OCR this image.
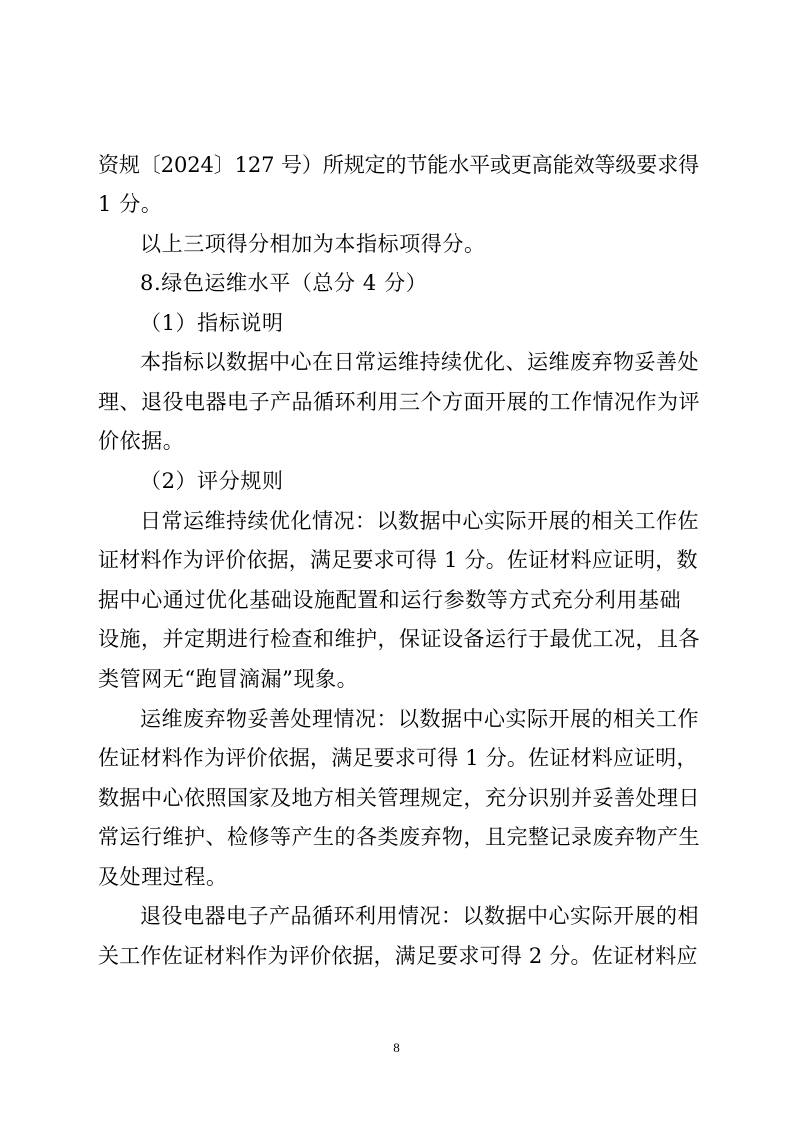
资规〔2024〕127 号）所规定的节能水平或更高能效等级要求得
1 分。
以上三项得分相加为本指标项得分。
8.绿色运维水平（总分 4 分）
（1）指标说明
本指标以数据中心在日常运维持续优化、运维废弃物妥善处
理、退役电器电子产品循环利用三个方面开展的工作情况作为评
价依据。
（2）评分规则
日常运维持续优化情况：以数据中心实际开展的相关工作佐
证材料作为评价依据，满足要求可得 1 分。佐证材料应证明，数
据中心通过优化基础设施配置和运行参数等方式充分利用基础
设施，并定期进行检查和维护，保证设备运行于最优工况，且各
类管网无“跑冒滴漏”现象。
运维废弃物妥善处理情况：以数据中心实际开展的相关工作
佐证材料作为评价依据，满足要求可得 1 分。佐证材料应证明，
数据中心依照国家及地方相关管理规定，充分识别并妥善处理日
常运行维护、检修等产生的各类废弃物，且完整记录废弃物产生
及处理过程。
退役电器电子产品循环利用情况：以数据中心实际开展的相
关工作佐证材料作为评价依据，满足要求可得 2 分。佐证材料应
8
